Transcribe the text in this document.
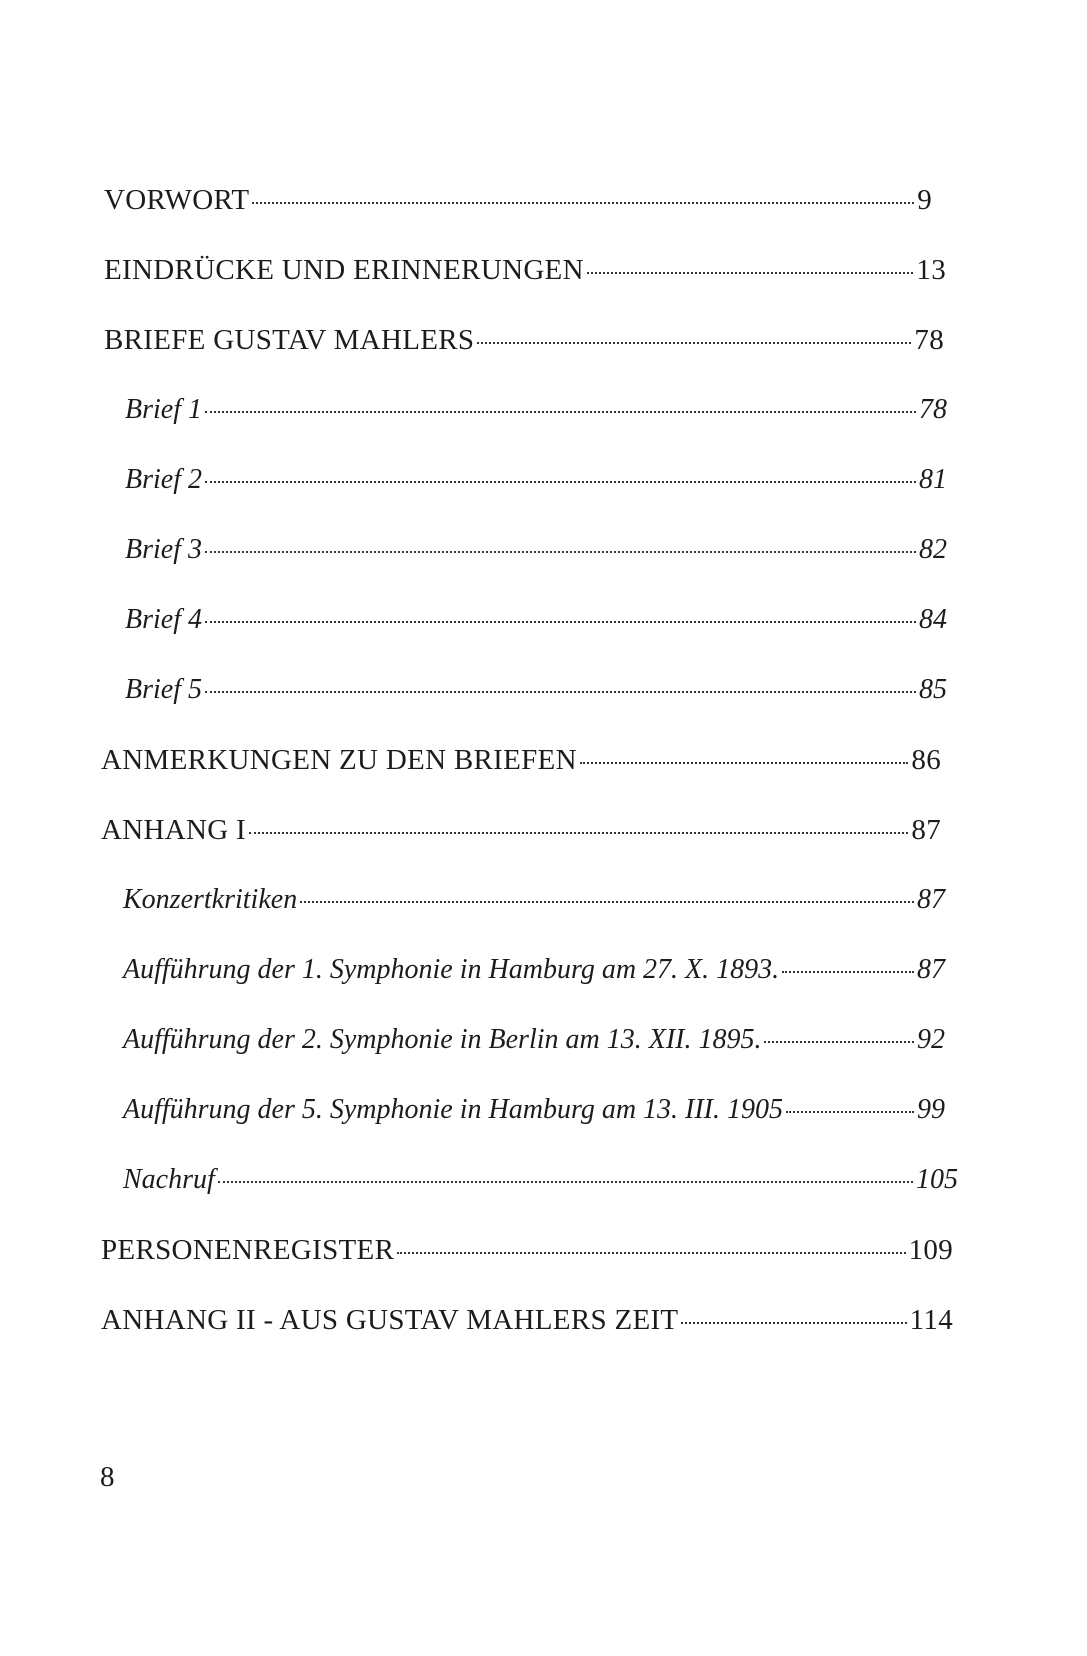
VORWORT	9
EINDRÜCKE UND ERINNERUNGEN	13
BRIEFE GUSTAV MAHLERS	78
Brief 1	78
Brief 2	81
Brief 3	82
Brief 4	84
Brief 5	85
ANMERKUNGEN ZU DEN BRIEFEN	86
ANHANG I	87
Konzertkritiken	87
Aufführung der 1. Symphonie in Hamburg am 27. X. 1893.	87
Aufführung der 2. Symphonie in Berlin am 13. XII. 1895.	92
Aufführung der 5. Symphonie in Hamburg am 13. III. 1905	99
Nachruf	105
PERSONENREGISTER	109
ANHANG II - AUS GUSTAV MAHLERS ZEIT	114
8
